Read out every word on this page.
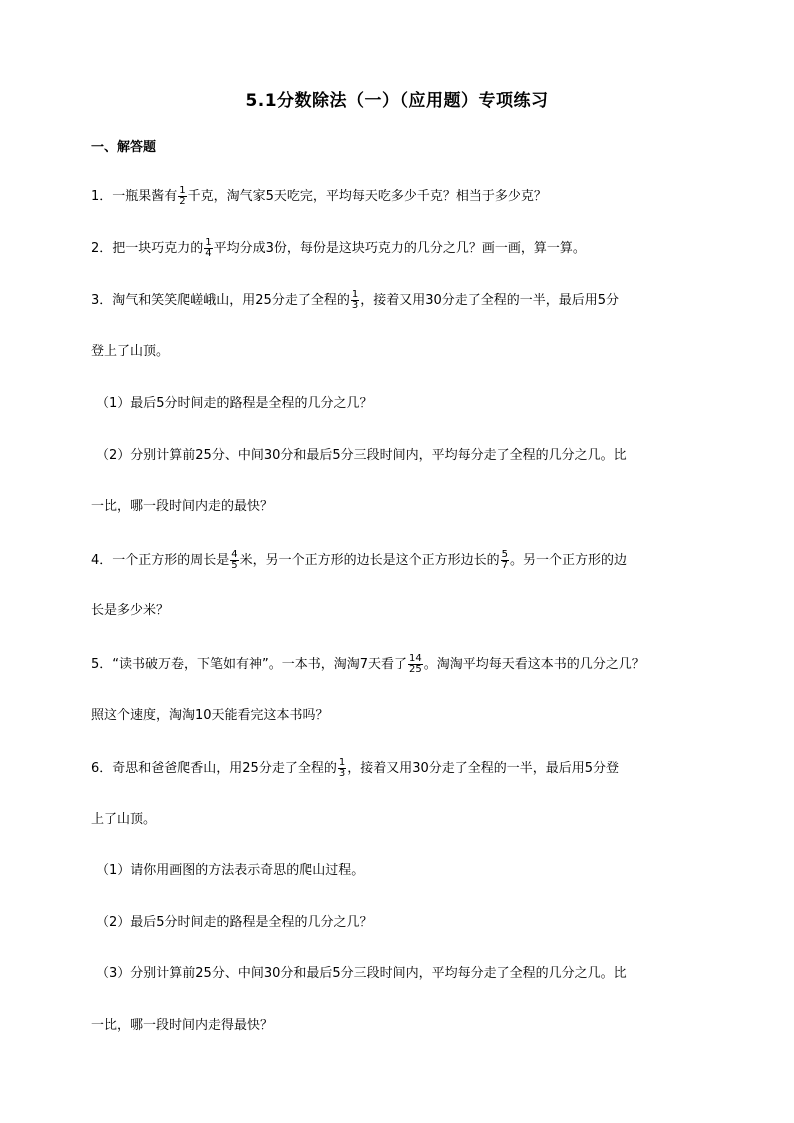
5.1分数除法（一）（应用题）专项练习
一、解答题
1．一瓶果酱有 $\frac{1}{2}$ 千克，淘气家5天吃完，平均每天吃多少千克？相当于多少克？
2．把一块巧克力的 $\frac{1}{4}$ 平均分成3份，每份是这块巧克力的几分之几？画一画，算一算。
3．淘气和笑笑爬嵯峨山，用25分走了全程的 $\frac{1}{3}$ ，接着又用30分走了全程的一半，最后用5分
登上了山顶。
（1）最后5分时间走的路程是全程的几分之几？
（2）分别计算前25分、中间30分和最后5分三段时间内，平均每分走了全程的几分之几。比
一比，哪一段时间内走的最快？
4．一个正方形的周长是 $\frac{4}{5}$ 米，另一个正方形的边长是这个正方形边长的 $\frac{5}{7}$ 。另一个正方形的边
长是多少米？
5．“读书破万卷，下笔如有神”。一本书，淘淘7天看了 $\frac{14}{25}$ 。淘淘平均每天看这本书的几分之几？
照这个速度，淘淘10天能看完这本书吗？
6．奇思和爸爸爬香山，用25分走了全程的 $\frac{1}{3}$ ，接着又用30分走了全程的一半，最后用5分登
上了山顶。
（1）请你用画图的方法表示奇思的爬山过程。
（2）最后5分时间走的路程是全程的几分之几？
（3）分别计算前25分、中间30分和最后5分三段时间内，平均每分走了全程的几分之几。比
一比，哪一段时间内走得最快？
